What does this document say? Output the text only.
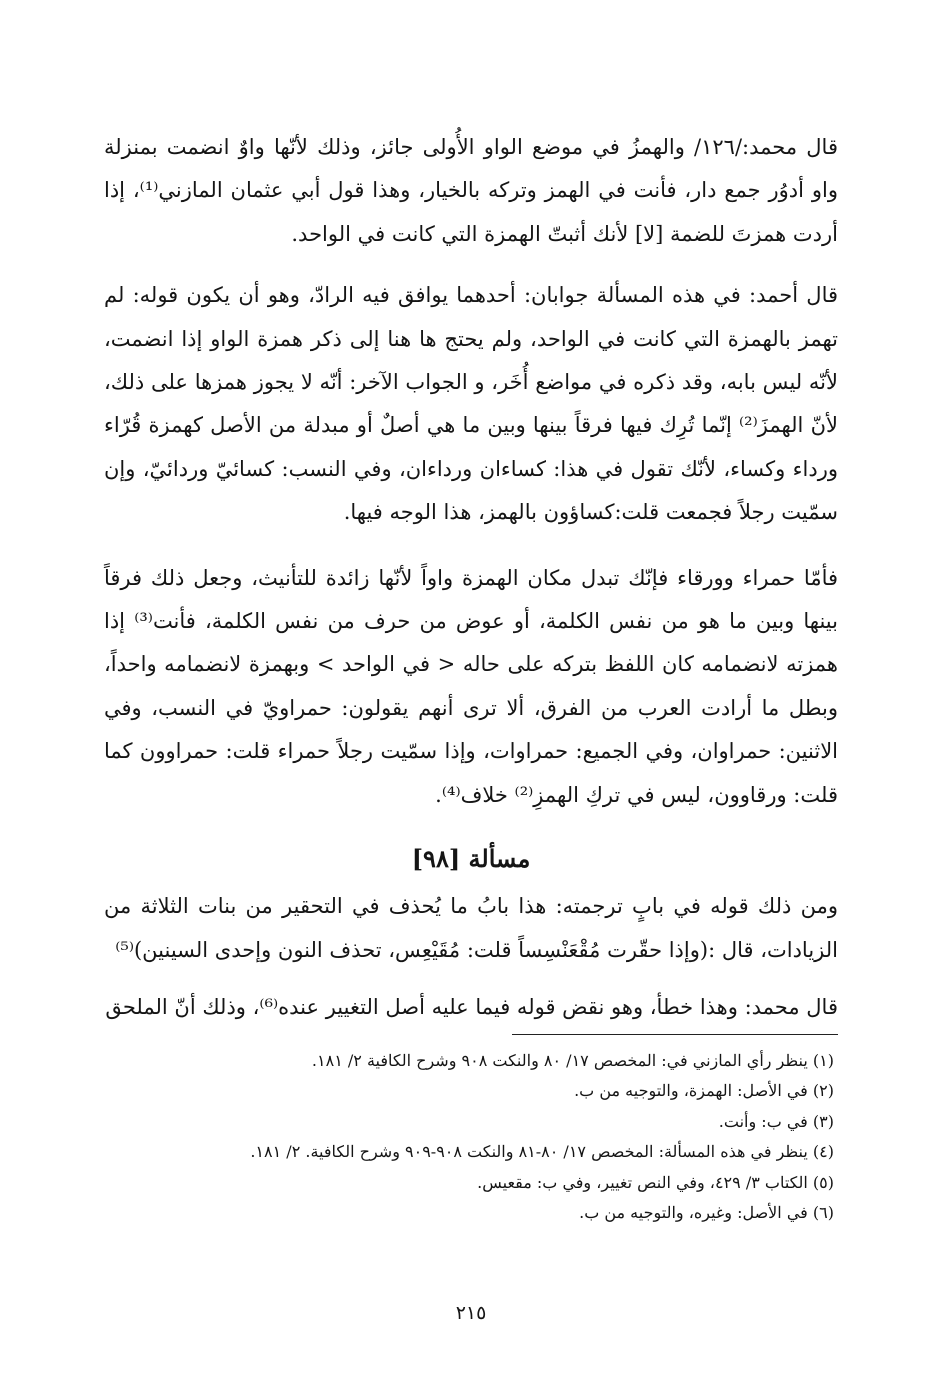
قال محمد:/١٢٦/ والهمزُ في موضع الواو الأُولى جائز، وذلك لأنّها واوٌ انضمت بمنزلة واو أدوُر جمع دار، فأنت في الهمز وتركه بالخيار، وهذا قول أبي عثمان المازني⁽¹⁾، إذا أردت همزتَ للضمة [لا] لأنك أثبتّ الهمزة التي كانت في الواحد.

قال أحمد: في هذه المسألة جوابان: أحدهما يوافق فيه الرادّ، وهو أن يكون قوله: لم تهمز بالهمزة التي كانت في الواحد، ولم يحتج ها هنا إلى ذكر همزة الواو إذا انضمت، لأنّه ليس بابه، وقد ذكره في مواضع أُخَر، و الجواب الآخر: أنّه لا يجوز همزها على ذلك، لأنّ الهمزَ⁽²⁾ إنّما تُرِك فيها فرقاً بينها وبين ما هي أصلٌ أو مبدلة من الأصل كهمزة قُرّاء ورداء وكساء، لأنّك تقول في هذا: كساءان ورداءان، وفي النسب: كسائيّ وردائيّ، وإن سمّيت رجلاً فجمعت قلت:كساؤون بالهمز، هذا الوجه فيها.

فأمّا حمراء وورقاء فإنّك تبدل مكان الهمزة واواً لأنّها زائدة للتأنيث، وجعل ذلك فرقاً بينها وبين ما هو من نفس الكلمة، أو عوض من حرف من نفس الكلمة، فأنت⁽³⁾ إذا همزته لانضمامه كان اللفظ بتركه على حاله < في الواحد > وبهمزة لانضمامه واحداً، وبطل ما أرادت العرب من الفرق، ألا ترى أنهم يقولون: حمراويّ في النسب، وفي الاثنين: حمراوان، وفي الجميع: حمراوات، وإذا سمّيت رجلاً حمراء قلت: حمراوون كما قلت: ورقاوون، ليس في تركِ الهمزِ⁽²⁾ خلاف⁽⁴⁾.

مسألة [٩٨]

ومن ذلك قوله في بابٍ ترجمته: هذا بابُ ما يُحذف في التحقير من بنات الثلاثة من الزيادات، قال :(وإذا حقّرت مُقْعَنْسِساً قلت: مُقَيْعِس، تحذف النون وإحدى السينين)⁽⁵⁾

قال محمد: وهذا خطأ، وهو نقض قوله فيما عليه أصل التغيير عنده⁽⁶⁾، وذلك أنّ الملحق

(١) ينظر رأي المازني في: المخصص ١٧/ ٨٠ والنكت ٩٠٨ وشرح الكافية ٢/ ١٨١.

(٢) في الأصل: الهمزة، والتوجيه من ب.

(٣) في ب: وأنت.

(٤) ينظر في هذه المسألة: المخصص ١٧/ ٨٠-٨١ والنكت ٩٠٨-٩٠٩ وشرح الكافية. ٢/ ١٨١.

(٥) الكتاب ٣/ ٤٢٩، وفي النص تغيير، وفي ب: مقعيس.

(٦) في الأصل: وغيره، والتوجيه من ب.

٢١٥
